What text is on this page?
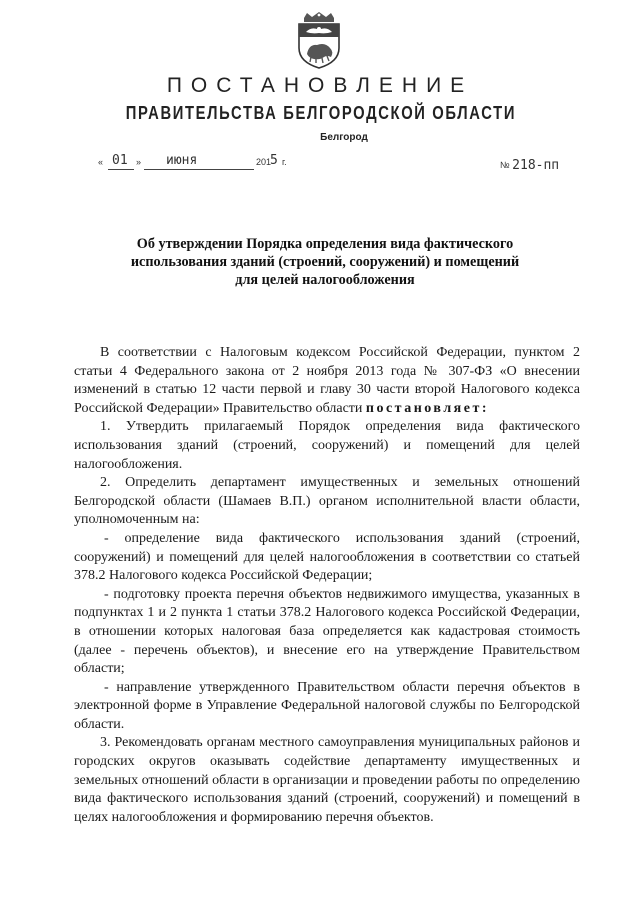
ПОСТАНОВЛЕНИЕ
ПРАВИТЕЛЬСТВА БЕЛГОРОДСКОЙ ОБЛАСТИ
Белгород
« 01 » июня	201
5 г.	№ 218-пп
Об утверждении Порядка определения вида фактического
использования зданий (строений, сооружений) и помещений
для целей налогообложения

В соответствии с Налоговым кодексом Российской Федерации, пунктом 2 статьи 4 Федерального закона от 2 ноября 2013 года № 307-ФЗ «О внесении изменений в статью 12 части первой и главу 30 части второй Налогового кодекса Российской Федерации» Правительство области постановляет:

1. Утвердить прилагаемый Порядок определения вида фактического использования зданий (строений, сооружений) и помещений для целей налогообложения.

2. Определить департамент имущественных и земельных отношений Белгородской области (Шамаев В.П.) органом исполнительной власти области, уполномоченным на:

- определение вида фактического использования зданий (строений, сооружений) и помещений для целей налогообложения в соответствии со статьей 378.2 Налогового кодекса Российской Федерации;

- подготовку проекта перечня объектов недвижимого имущества, указанных в подпунктах 1 и 2 пункта 1 статьи 378.2 Налогового кодекса Российской Федерации, в отношении которых налоговая база определяется как кадастровая стоимость (далее - перечень объектов), и внесение его на утверждение Правительством области;

- направление утвержденного Правительством области перечня объектов в электронной форме в Управление Федеральной налоговой службы по Белгородской области.

3. Рекомендовать органам местного самоуправления муниципальных районов и городских округов оказывать содействие департаменту имущественных и земельных отношений области в организации и проведении работы по определению вида фактического использования зданий (строений, сооружений) и помещений в целях налогообложения и формированию перечня объектов.
